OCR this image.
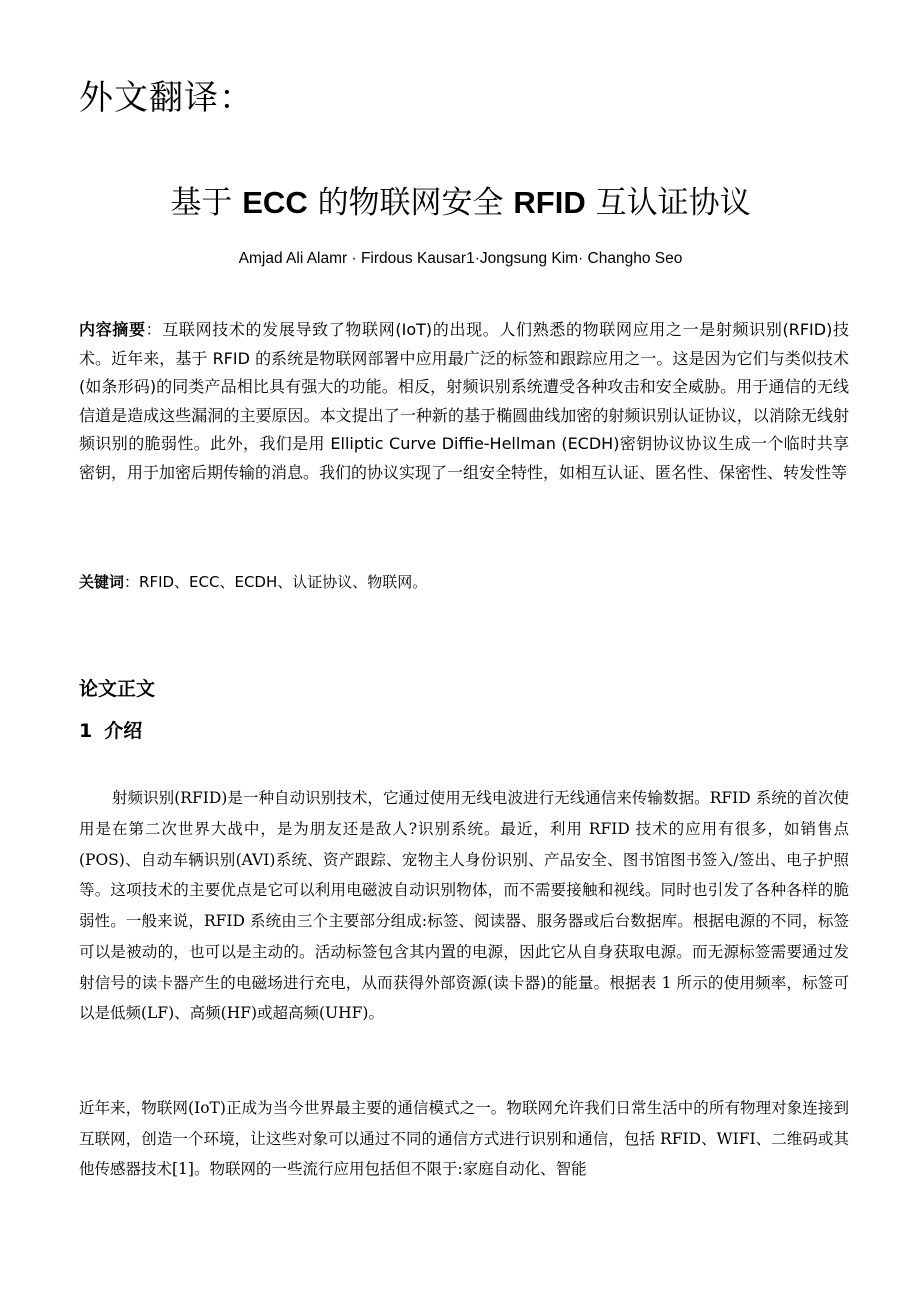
外文翻译：
基于 ECC 的物联网安全 RFID 互认证协议
Amjad Ali Alamr · Firdous Kausar1·Jongsung Kim· Changho Seo
内容摘要：互联网技术的发展导致了物联网(IoT)的出现。人们熟悉的物联网应用之一是射频识别(RFID)技术。近年来，基于 RFID 的系统是物联网部署中应用最广泛的标签和跟踪应用之一。这是因为它们与类似技术(如条形码)的同类产品相比具有强大的功能。相反，射频识别系统遭受各种攻击和安全威胁。用于通信的无线信道是造成这些漏洞的主要原因。本文提出了一种新的基于椭圆曲线加密的射频识别认证协议，以消除无线射频识别的脆弱性。此外，我们是用 Elliptic Curve Diffie-Hellman (ECDH)密钥协议协议生成一个临时共享密钥，用于加密后期传输的消息。我们的协议实现了一组安全特性，如相互认证、匿名性、保密性、转发性等
关键词：RFID、ECC、ECDH、认证协议、物联网。
论文正文
1 介绍
射频识别(RFID)是一种自动识别技术，它通过使用无线电波进行无线通信来传输数据。RFID 系统的首次使用是在第二次世界大战中，是为朋友还是敌人?识别系统。最近，利用 RFID 技术的应用有很多，如销售点(POS)、自动车辆识别(AVI)系统、资产跟踪、宠物主人身份识别、产品安全、图书馆图书签入/签出、电子护照等。这项技术的主要优点是它可以利用电磁波自动识别物体，而不需要接触和视线。同时也引发了各种各样的脆弱性。一般来说，RFID 系统由三个主要部分组成:标签、阅读器、服务器或后台数据库。根据电源的不同，标签可以是被动的，也可以是主动的。活动标签包含其内置的电源，因此它从自身获取电源。而无源标签需要通过发射信号的读卡器产生的电磁场进行充电，从而获得外部资源(读卡器)的能量。根据表 1 所示的使用频率，标签可以是低频(LF)、高频(HF)或超高频(UHF)。
近年来，物联网(IoT)正成为当今世界最主要的通信模式之一。物联网允许我们日常生活中的所有物理对象连接到互联网，创造一个环境，让这些对象可以通过不同的通信方式进行识别和通信，包括 RFID、WIFI、二维码或其他传感器技术[1]。物联网的一些流行应用包括但不限于:家庭自动化、智能
